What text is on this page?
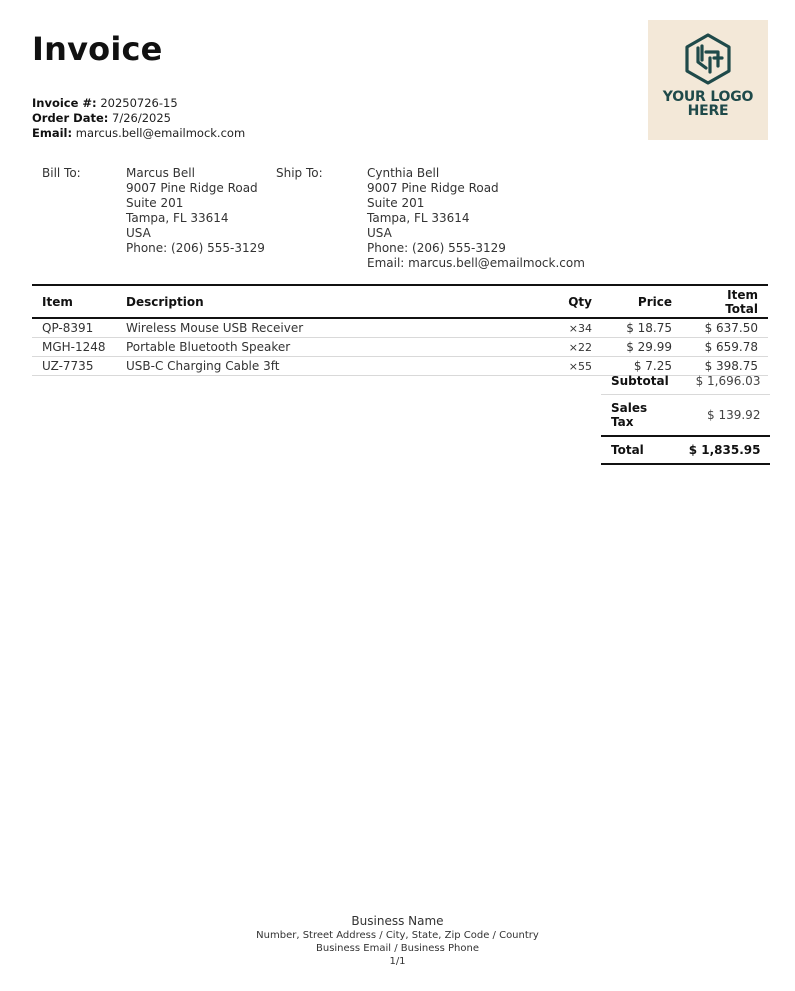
Invoice
Invoice #: 20250726-15
Order Date: 7/26/2025
Email: marcus.bell@emailmock.com
YOUR LOGO
HERE
Bill To:	Marcus Bell
9007 Pine Ridge Road
Suite 201
Tampa, FL 33614
USA
Phone: (206) 555-3129
Ship To:	Cynthia Bell
9007 Pine Ridge Road
Suite 201
Tampa, FL 33614
USA
Phone: (206) 555-3129
Email: marcus.bell@emailmock.com
Item	Description	Qty	Price	Item Total
QP-8391	Wireless Mouse USB Receiver	×34	$ 18.75	$ 637.50
MGH-1248	Portable Bluetooth Speaker	×22	$ 29.99	$ 659.78
UZ-7735	USB-C Charging Cable 3ft	×55	$ 7.25	$ 398.75
Subtotal	$ 1,696.03
Sales Tax	$ 139.92
Total	$ 1,835.95
Business Name
Number, Street Address / City, State, Zip Code / Country
Business Email / Business Phone
1/1
